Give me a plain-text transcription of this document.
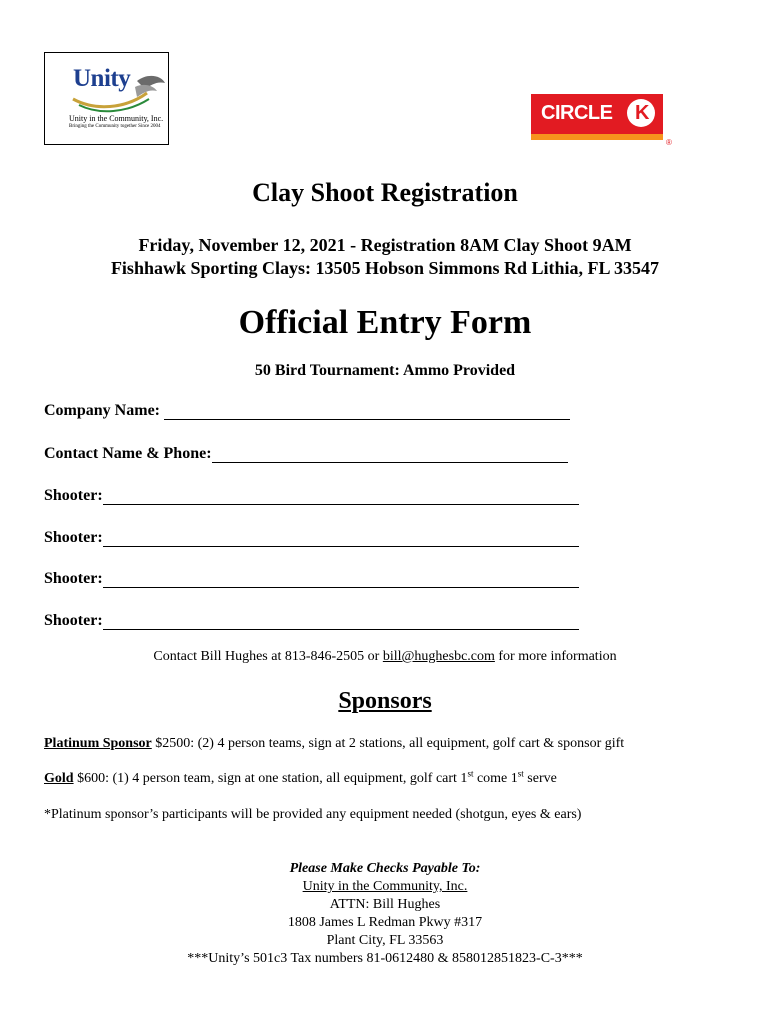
Unity
Unity in the Community, Inc.
Bringing the Community together Since 2004
CIRCLE K
®
Clay Shoot Registration
Friday, November 12, 2021 - Registration 8AM Clay Shoot 9AM
Fishhawk Sporting Clays: 13505 Hobson Simmons Rd Lithia, FL 33547
Official Entry Form
50 Bird Tournament: Ammo Provided
Company Name:
Contact Name & Phone:
Shooter:
Shooter:
Shooter:
Shooter:
Contact Bill Hughes at 813-846-2505 or bill@hughesbc.com for more information
Sponsors
Platinum Sponsor $2500: (2) 4 person teams, sign at 2 stations, all equipment, golf cart & sponsor gift
Gold $600: (1) 4 person team, sign at one station, all equipment, golf cart 1st come 1st serve
*Platinum sponsor’s participants will be provided any equipment needed (shotgun, eyes & ears)
Please Make Checks Payable To:
Unity in the Community, Inc.
ATTN: Bill Hughes
1808 James L Redman Pkwy #317
Plant City, FL 33563
***Unity’s 501c3 Tax numbers 81-0612480 & 858012851823-C-3***
